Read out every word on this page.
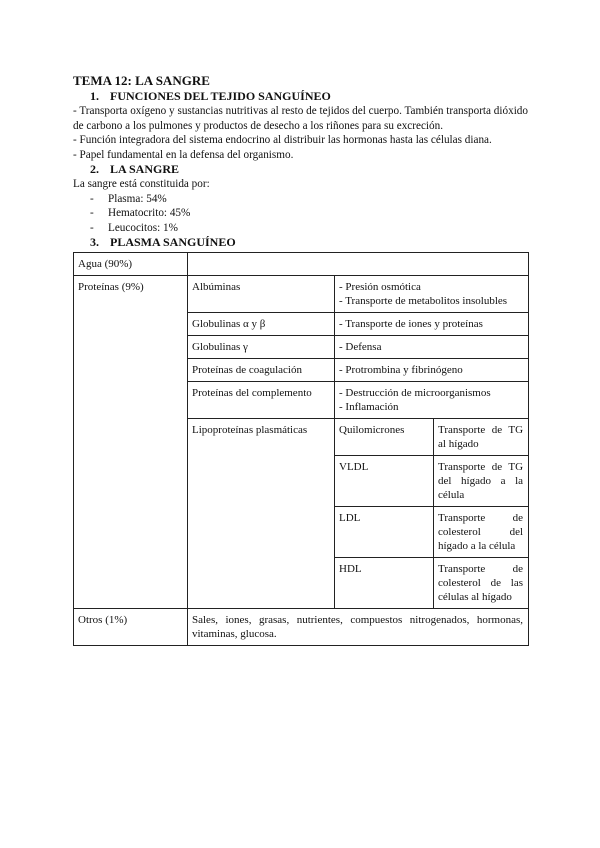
TEMA 12: LA SANGRE
1. FUNCIONES DEL TEJIDO SANGUÍNEO

- Transporta oxígeno y sustancias nutritivas al resto de tejidos del cuerpo. También transporta dióxido de carbono a los pulmones y productos de desecho a los riñones para su excreción.

- Función integradora del sistema endocrino al distribuir las hormonas hasta las células diana.

- Papel fundamental en la defensa del organismo.

2. LA SANGRE

La sangre está constituida por:

- Plasma: 54%
- Hematocrito: 45%
- Leucocitos: 1%
3. PLASMA SANGUÍNEO
Agua (90%)			
Proteínas (9%)	Albúminas	- Presión osmótica
- Transporte de metabolitos insolubles	

	Globulinas α y β	- Transporte de iones y proteínas	
	Globulinas γ	- Defensa	
	Proteínas de coagulación	- Protrombina y fibrinógeno	
	Proteínas del complemento	- Destrucción de microorganismos
- Inflamación	

	Lipoproteínas plasmáticas	Quilomicrones	Transporte de TG al hígado
		VLDL	Transporte de TG del hígado a la célula
		LDL	Transporte de colesterol del hígado a la célula
		HDL	Transporte de colesterol de las células al hígado
Otros (1%)	Sales, iones, grasas, nutrientes, compuestos nitrogenados, hormonas, vitaminas, glucosa.		
